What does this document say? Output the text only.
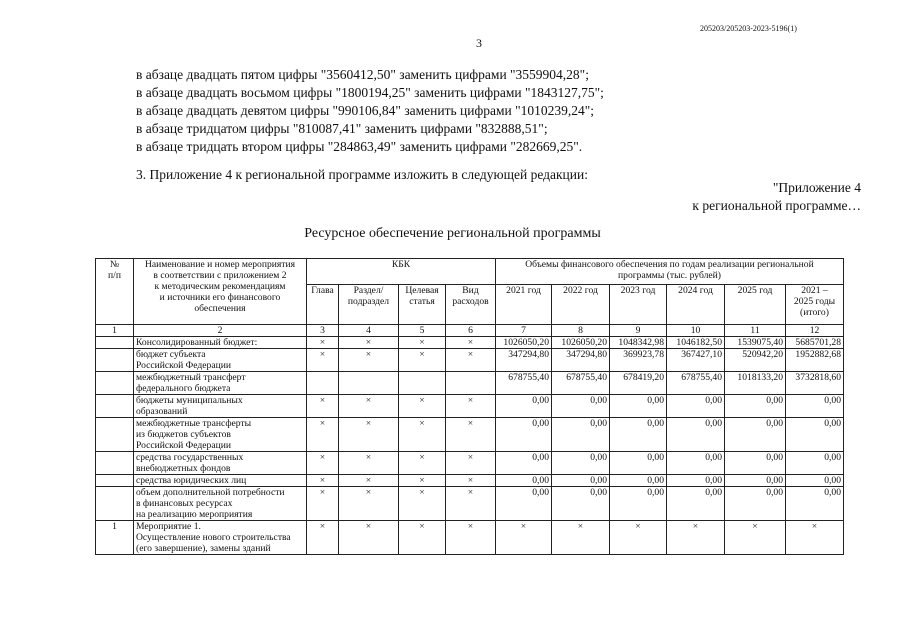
205203/205203-2023-5196(1)
3
в абзаце двадцать пятом цифры "3560412,50" заменить цифрами "3559904,28";
в абзаце двадцать восьмом цифры "1800194,25" заменить цифрами "1843127,75";
в абзаце двадцать девятом цифры "990106,84" заменить цифрами "1010239,24";
в абзаце тридцатом цифры "810087,41" заменить цифрами "832888,51";
в абзаце тридцать втором цифры "284863,49" заменить цифрами "282669,25".
3. Приложение 4 к региональной программе изложить в следующей редакции:
"Приложение 4
к региональной программе…
Ресурсное обеспечение региональной программы
№
п/п	Наименование и номер мероприятия
в соответствии с приложением 2
к методическим рекомендациям
и источники его финансового
обеспечения	КБК				Объемы финансового обеспечения по годам реализации региональной
программы (тыс. рублей)					
		Глава	Раздел/
подраздел	Целевая
статья	Вид
расходов	2021 год	2022 год	2023 год	2024 год	2025 год	2021 –
2025 годы
(итого)
1	2	3	4	5	6	7	8	9	10	11	12
	Консолидированный бюджет:	×	×	×	×	1026050,20	1026050,20	1048342,98	1046182,50	1539075,40	5685701,28
	бюджет субъекта
Российской Федерации	×	×	×	×	347294,80	347294,80	369923,78	367427,10	520942,20	1952882,68
	межбюджетный трансферт
федерального бюджета					678755,40	678755,40	678419,20	678755,40	1018133,20	3732818,60
	бюджеты муниципальных
образований	×	×	×	×	0,00	0,00	0,00	0,00	0,00	0,00
	межбюджетные трансферты
из бюджетов субъектов
Российской Федерации	×	×	×	×	0,00	0,00	0,00	0,00	0,00	0,00
	средства государственных
внебюджетных фондов	×	×	×	×	0,00	0,00	0,00	0,00	0,00	0,00
	средства юридических лиц	×	×	×	×	0,00	0,00	0,00	0,00	0,00	0,00
	объем дополнительной потребности
в финансовых ресурсах
на реализацию мероприятия	×	×	×	×	0,00	0,00	0,00	0,00	0,00	0,00
1	Мероприятие 1.
Осуществление нового строительства
(его завершение), замены зданий	×	×	×	×	×	×	×	×	×	×
